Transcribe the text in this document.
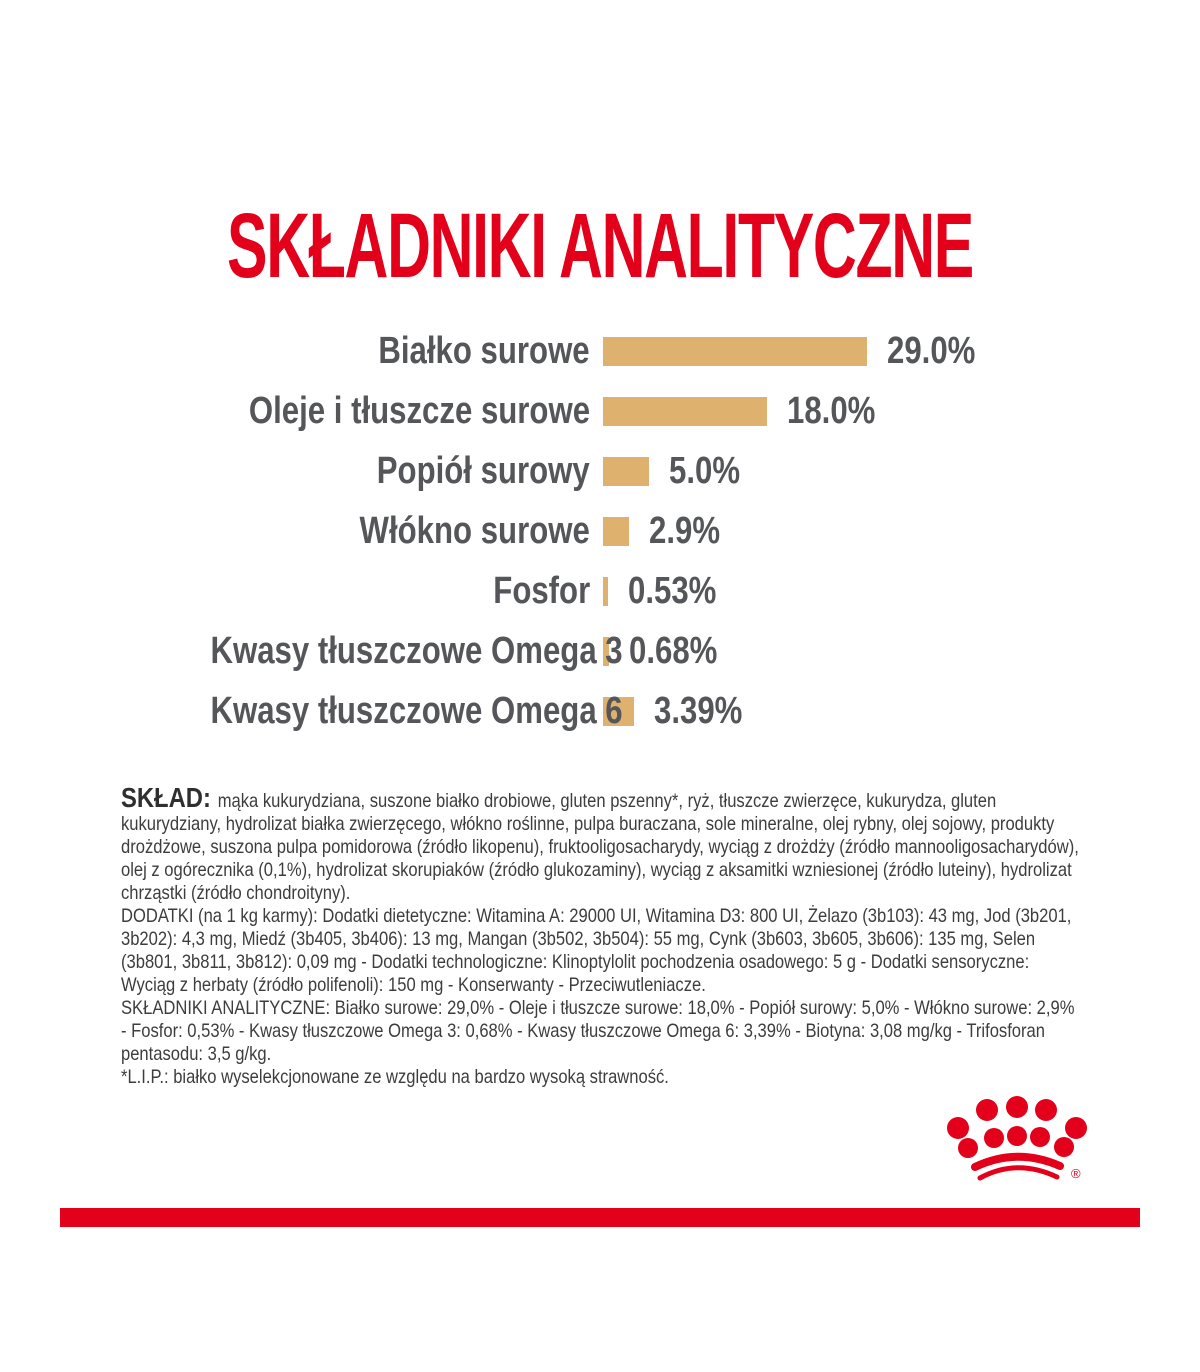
SKŁADNIKI ANALITYCZNE
Białko surowe	29.0%
Oleje i tłuszcze surowe	18.0%
Popiół surowy 5.0%
Włókno surowe 2.9%
Fosfor 0.53%
Kwasy tłuszczowe Omega 3 0.68%
Kwasy tłuszczowe Omega 6 3.39%

SKŁAD: mąka kukurydziana, suszone białko drobiowe, gluten pszenny*, ryż, tłuszcze zwierzęce, kukurydza, gluten kukurydziany, hydrolizat białka zwierzęcego, włókno roślinne, pulpa buraczana, sole mineralne, olej rybny, olej sojowy, produkty drożdżowe, suszona pulpa pomidorowa (źródło likopenu), fruktooligosacharydy, wyciąg z drożdży (źródło mannooligosacharydów), olej z ogórecznika (0,1%), hydrolizat skorupiaków (źródło glukozaminy), wyciąg z aksamitki wzniesionej (źródło luteiny), hydrolizat chrząstki (źródło chondroityny).

DODATKI (na 1 kg karmy): Dodatki dietetyczne: Witamina A: 29000 UI, Witamina D3: 800 UI, Żelazo (3b103): 43 mg, Jod (3b201, 3b202): 4,3 mg, Miedź (3b405, 3b406): 13 mg, Mangan (3b502, 3b504): 55 mg, Cynk (3b603, 3b605, 3b606): 135 mg, Selen (3b801, 3b811, 3b812): 0,09 mg - Dodatki technologiczne: Klinoptylolit pochodzenia osadowego: 5 g - Dodatki sensoryczne: Wyciąg z herbaty (źródło polifenoli): 150 mg - Konserwanty - Przeciwutleniacze.

SKŁADNIKI ANALITYCZNE: Białko surowe: 29,0% - Oleje i tłuszcze surowe: 18,0% - Popiół surowy: 5,0% - Włókno surowe: 2,9% - Fosfor: 0,53% - Kwasy tłuszczowe Omega 3: 0,68% - Kwasy tłuszczowe Omega 6: 3,39% - Biotyna: 3,08 mg/kg - Trifosforan pentasodu: 3,5 g/kg.

*L.I.P.: białko wyselekcjonowane ze względu na bardzo wysoką strawność.

®
